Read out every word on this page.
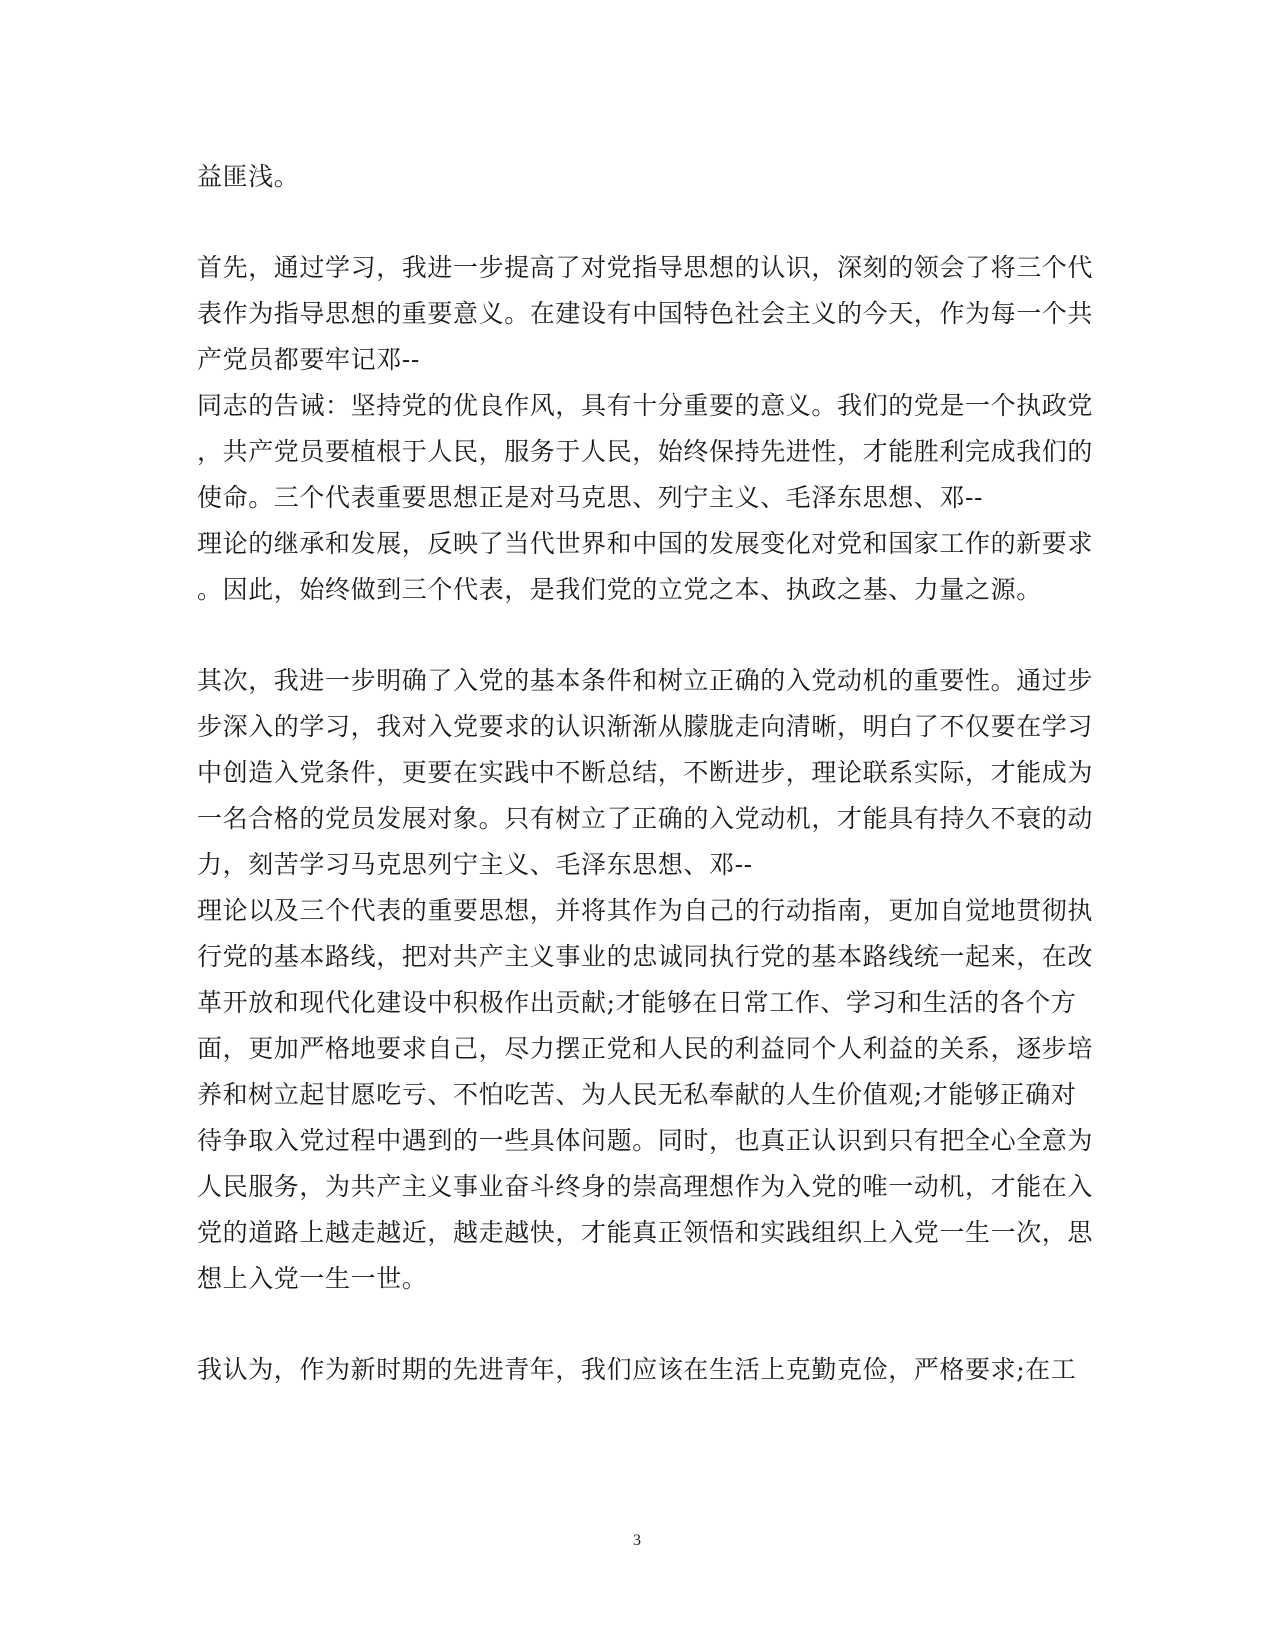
益匪浅。
首先，通过学习，我进一步提高了对党指导思想的认识，深刻的领会了将三个代
表作为指导思想的重要意义。在建设有中国特色社会主义的今天，作为每一个共
产党员都要牢记邓--
同志的告诫：坚持党的优良作风，具有十分重要的意义。我们的党是一个执政党
，共产党员要植根于人民，服务于人民，始终保持先进性，才能胜利完成我们的
使命。三个代表重要思想正是对马克思、列宁主义、毛泽东思想、邓--
理论的继承和发展，反映了当代世界和中国的发展变化对党和国家工作的新要求
。因此，始终做到三个代表，是我们党的立党之本、执政之基、力量之源。
其次，我进一步明确了入党的基本条件和树立正确的入党动机的重要性。通过步
步深入的学习，我对入党要求的认识渐渐从朦胧走向清晰，明白了不仅要在学习
中创造入党条件，更要在实践中不断总结，不断进步，理论联系实际，才能成为
一名合格的党员发展对象。只有树立了正确的入党动机，才能具有持久不衰的动
力，刻苦学习马克思列宁主义、毛泽东思想、邓--
理论以及三个代表的重要思想，并将其作为自己的行动指南，更加自觉地贯彻执
行党的基本路线，把对共产主义事业的忠诚同执行党的基本路线统一起来，在改
革开放和现代化建设中积极作出贡献;才能够在日常工作、学习和生活的各个方
面，更加严格地要求自己，尽力摆正党和人民的利益同个人利益的关系，逐步培
养和树立起甘愿吃亏、不怕吃苦、为人民无私奉献的人生价值观;才能够正确对
待争取入党过程中遇到的一些具体问题。同时，也真正认识到只有把全心全意为
人民服务，为共产主义事业奋斗终身的崇高理想作为入党的唯一动机，才能在入
党的道路上越走越近，越走越快，才能真正领悟和实践组织上入党一生一次，思
想上入党一生一世。
我认为，作为新时期的先进青年，我们应该在生活上克勤克俭，严格要求;在工
3
